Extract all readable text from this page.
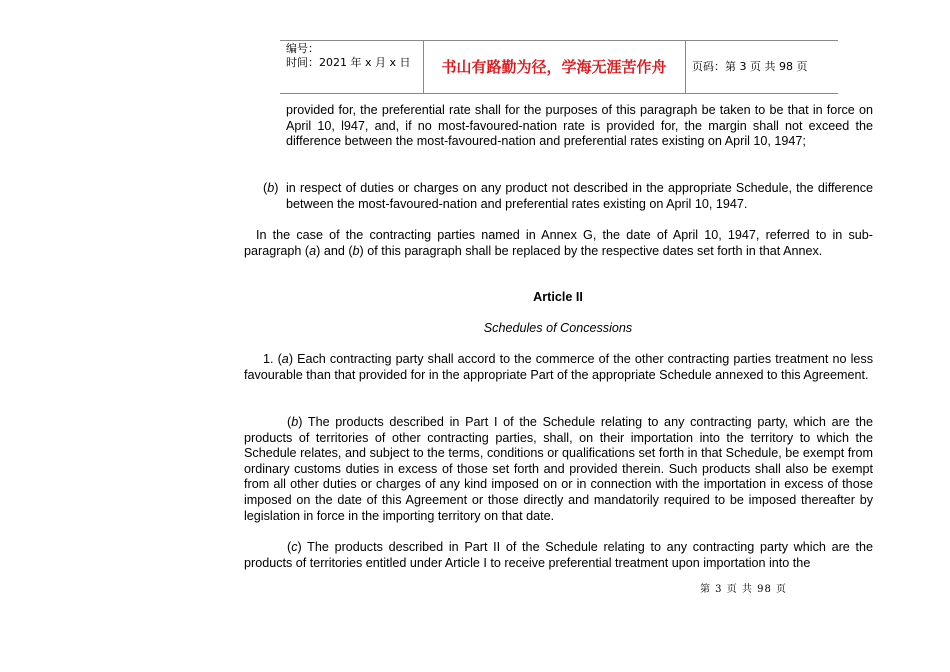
编号：
时间：2021 年 x 月 x 日	书山有路勤为径，学海无涯苦作舟	页码：第 3 页 共 98 页
provided for, the preferential rate shall for the purposes of this paragraph be taken to be that in force on April 10, l947, and, if no most-favoured-nation rate is provided for, the margin shall not exceed the difference between the most-favoured-nation and preferential rates existing on April 10, 1947;
(b) in respect of duties or charges on any product not described in the appropriate Schedule, the difference between the most-favoured-nation and preferential rates existing on April 10, 1947.
In the case of the contracting parties named in Annex G, the date of April 10, 1947, referred to in sub-paragraph (a) and (b) of this paragraph shall be replaced by the respective dates set forth in that Annex.
Article II
Schedules of Concessions
1. (a) Each contracting party shall accord to the commerce of the other contracting parties treatment no less favourable than that provided for in the appropriate Part of the appropriate Schedule annexed to this Agreement.
(b) The products described in Part I of the Schedule relating to any contracting party, which are the products of territories of other contracting parties, shall, on their importation into the territory to which the Schedule relates, and subject to the terms, conditions or qualifications set forth in that Schedule, be exempt from ordinary customs duties in excess of those set forth and provided therein. Such products shall also be exempt from all other duties or charges of any kind imposed on or in connection with the importation in excess of those imposed on the date of this Agreement or those directly and mandatorily required to be imposed thereafter by legislation in force in the importing territory on that date.
(c) The products described in Part II of the Schedule relating to any contracting party which are the products of territories entitled under Article I to receive preferential treatment upon importation into the
第 3 页 共 98 页
